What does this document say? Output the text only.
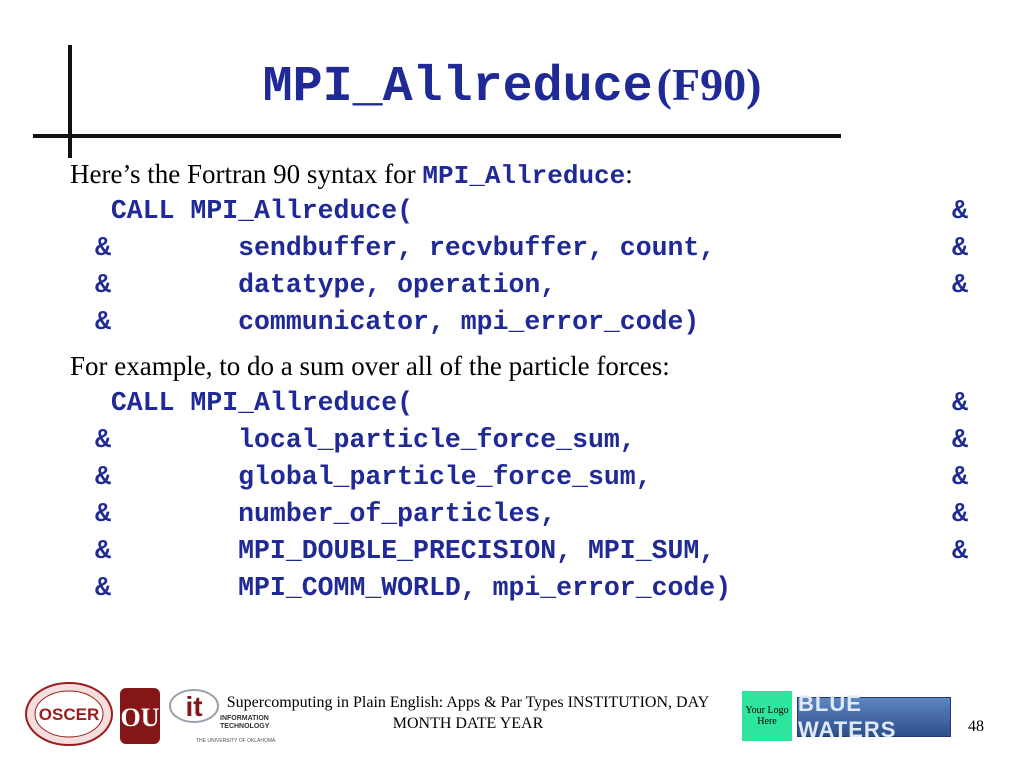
MPI_Allreduce (F90)
Here’s the Fortran 90 syntax for MPI_Allreduce:
CALL MPI_Allreduce(	&
&        sendbuffer, recvbuffer, count,	&
&        datatype, operation,	&
&        communicator, mpi_error_code)
For example, to do a sum over all of the particle forces:
CALL MPI_Allreduce(	&
&        local_particle_force_sum,	&
&        global_particle_force_sum,	&
&        number_of_particles,	&
&        MPI_DOUBLE_PRECISION, MPI_SUM,	&
&        MPI_COMM_WORLD, mpi_error_code)
OSCER OU it INFORMATION
TECHNOLOGY
THE UNIVERSITY OF OKLAHOMA
Supercomputing in Plain English: Apps & Par Types INSTITUTION, DAY
MONTH DATE YEAR
Your Logo Here
BLUE WATERS	48
